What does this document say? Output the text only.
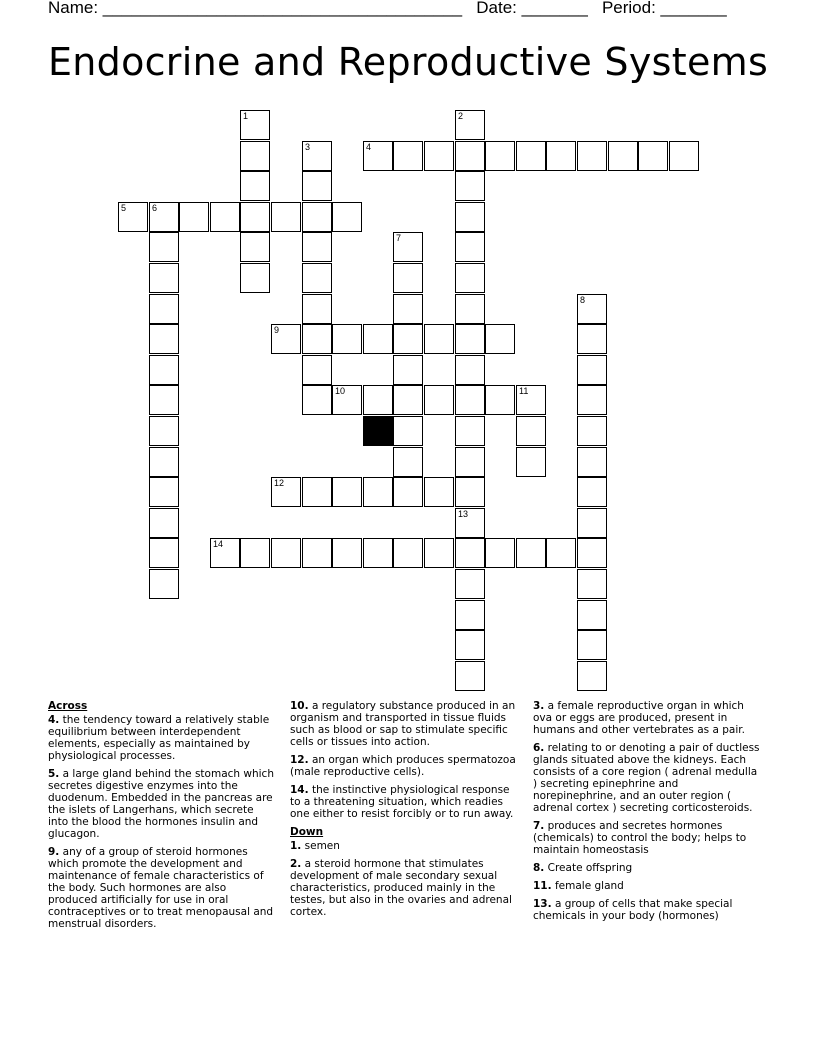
Name: ______________________________________   Date: _______   Period: _______
Endocrine and Reproductive Systems
1	2
13
3	4
5	6
7
8
9
10	11
12
14
Across
4. the tendency toward a relatively stable equilibrium between interdependent elements, especially as maintained by physiological processes.
5. a large gland behind the stomach which secretes digestive enzymes into the duodenum. Embedded in the pancreas are the islets of Langerhans, which secrete into the blood the hormones insulin and glucagon.
9. any of a group of steroid hormones which promote the development and maintenance of female characteristics of the body. Such hormones are also produced artificially for use in oral contraceptives or to treat menopausal and menstrual disorders.
10. a regulatory substance produced in an organism and transported in tissue fluids such as blood or sap to stimulate specific cells or tissues into action.
12. an organ which produces spermatozoa (male reproductive cells).
14. the instinctive physiological response to a threatening situation, which readies one either to resist forcibly or to run away.
Down
1. semen
2. a steroid hormone that stimulates development of male secondary sexual characteristics, produced mainly in the testes, but also in the ovaries and adrenal cortex.
3. a female reproductive organ in which ova or eggs are produced, present in humans and other vertebrates as a pair.
6. relating to or denoting a pair of ductless glands situated above the kidneys. Each consists of a core region ( adrenal medulla ) secreting epinephrine and norepinephrine, and an outer region ( adrenal cortex ) secreting corticosteroids.
7. produces and secretes hormones (chemicals) to control the body; helps to maintain homeostasis
8. Create offspring
11. female gland
13. a group of cells that make special chemicals in your body (hormones)
